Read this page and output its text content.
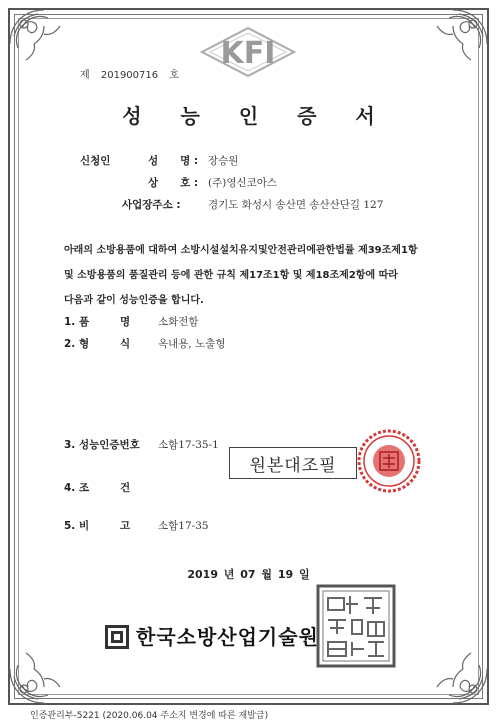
KFI
제 201900716 호
성 능 인 증 서
신청인	성      명 : 장승원
상      호 : (주)영신코아스
사업장주소 :	경기도 화성시 송산면 송산산단길 127
아래의 소방용품에 대하여 소방시설설치유지및안전관리에관한법률 제39조제1항
및 소방용품의 품질관리 등에 관한 규칙 제17조1항 및 제18조제2항에 따라
다음과 같이 성능인증을 합니다.
1. 품	명	소화전함
2. 형	식	옥내용, 노출형
3. 성능인증번호 소함17-35-1
4. 조	건
5. 비	고	소함17-35
원본대조필
2019 년 07 월 19 일
한국소방산업기술원
인증관리부-5221 (2020.06.04 주소지 변경에 따른 재발급)
